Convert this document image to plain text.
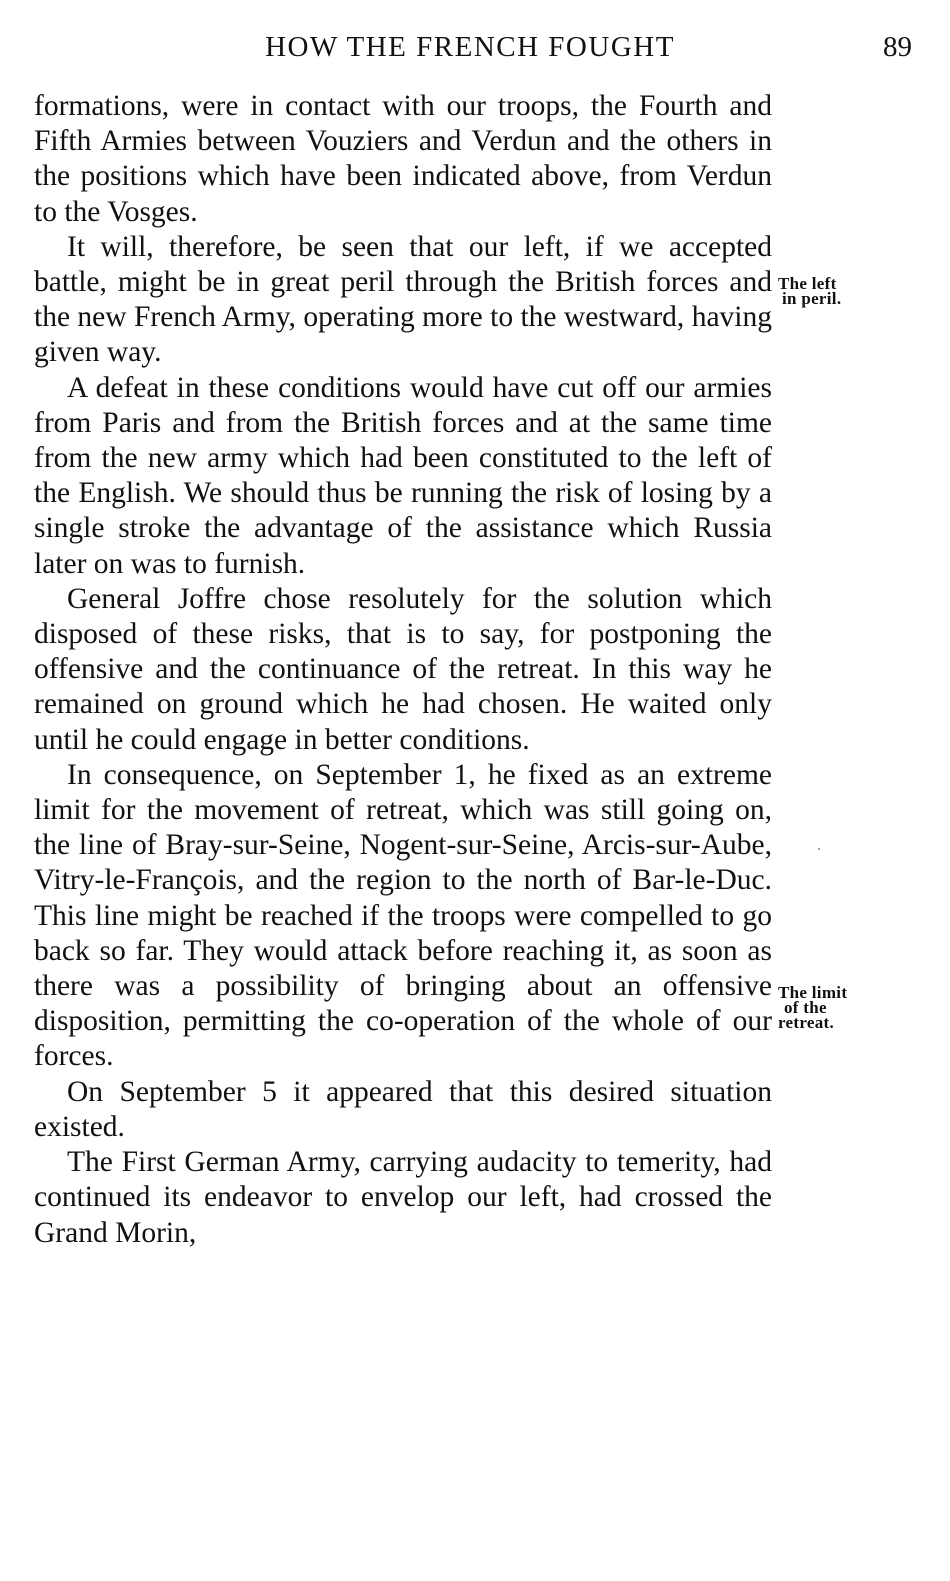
HOW THE FRENCH FOUGHT	89

formations, were in contact with our troops, the Fourth and Fifth Armies between Vouziers and Verdun and the others in the positions which have been indicated above, from Verdun to the Vosges.

It will, therefore, be seen that our left, if we accepted battle, might be in great peril through the British forces and the new French Army, operating more to the westward, having given way.

A defeat in these conditions would have cut off our armies from Paris and from the British forces and at the same time from the new army which had been constituted to the left of the English. We should thus be running the risk of losing by a single stroke the advantage of the assistance which Russia later on was to furnish.

General Joffre chose resolutely for the solution which disposed of these risks, that is to say, for postponing the offensive and the continuance of the retreat. In this way he remained on ground which he had chosen. He waited only until he could engage in better conditions.

In consequence, on September 1, he fixed as an extreme limit for the movement of retreat, which was still going on, the line of Bray-sur-Seine, Nogent-sur-Seine, Arcis-sur-Aube, Vitry-le-François, and the region to the north of Bar-le-Duc. This line might be reached if the troops were compelled to go back so far. They would attack before reaching it, as soon as there was a possibility of bringing about an offensive disposition, permitting the co-operation of the whole of our forces.

On September 5 it appeared that this desired situation existed.

The First German Army, carrying audacity to temerity, had continued its endeavor to envelop our left, had crossed the Grand Morin,

The left
in peril.
The limit
of the
retreat.
